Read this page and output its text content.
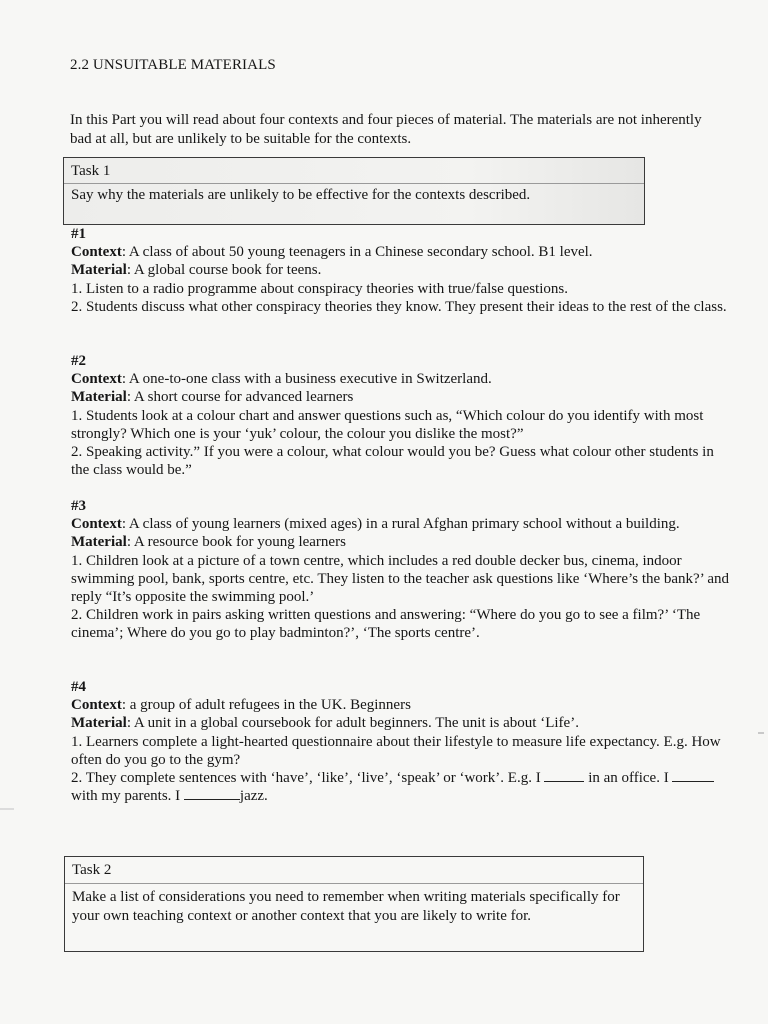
2.2 UNSUITABLE MATERIALS
In this Part you will read about four contexts and four pieces of material. The materials are not inherently bad at all, but are unlikely to be suitable for the contexts.
Task 1
Say why the materials are unlikely to be effective for the contexts described.

#1

Context: A class of about 50 young teenagers in a Chinese secondary school. B1 level.

Material: A global course book for teens.

1. Listen to a radio programme about conspiracy theories with true/false questions.

2. Students discuss what other conspiracy theories they know. They present their ideas to the rest of the class.

#2

Context: A one-to-one class with a business executive in Switzerland.

Material: A short course for advanced learners

1. Students look at a colour chart and answer questions such as, “Which colour do you identify with most strongly? Which one is your ‘yuk’ colour, the colour you dislike the most?”

2. Speaking activity.” If you were a colour, what colour would you be? Guess what colour other students in the class would be.”

#3

Context: A class of young learners (mixed ages) in a rural Afghan primary school without a building.

Material: A resource book for young learners

1. Children look at a picture of a town centre, which includes a red double decker bus, cinema, indoor swimming pool, bank, sports centre, etc. They listen to the teacher ask questions like ‘Where’s the bank?’ and reply “It’s opposite the swimming pool.’

2. Children work in pairs asking written questions and answering: “Where do you go to see a film?’ ‘The cinema’; Where do you go to play badminton?’, ‘The sports centre’.

#4

Context: a group of adult refugees in the UK. Beginners

Material: A unit in a global coursebook for adult beginners. The unit is about ‘Life’.

1. Learners complete a light-hearted questionnaire about their lifestyle to measure life expectancy. E.g. How often do you go to the gym?

2. They complete sentences with ‘have’, ‘like’, ‘live’, ‘speak’ or ‘work’. E.g. I	in an office. I  with my parents. I	jazz.

Task 2
Make a list of considerations you need to remember when writing materials specifically for your own teaching context or another context that you are likely to write for.
